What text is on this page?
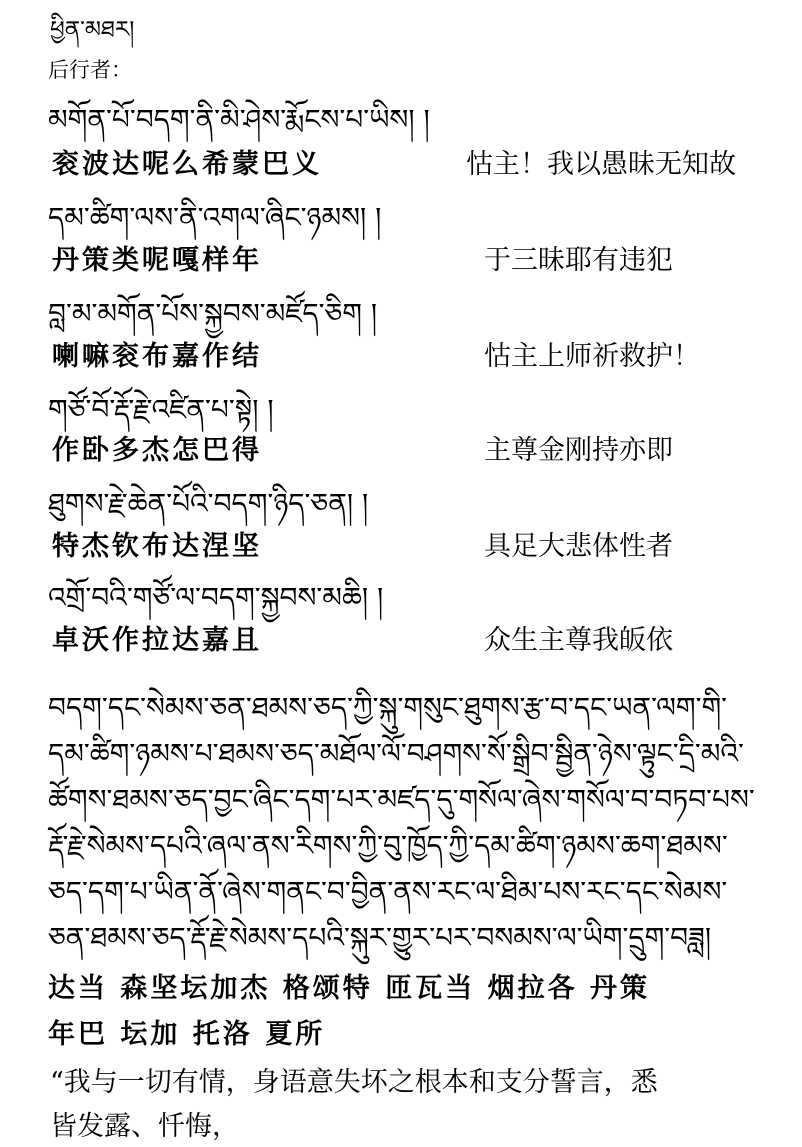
ཕྱིན་མཐར།
后行者：
མགོན་པོ་བདག་ནི་མི་ཤེས་རྨོངས་པ་ཡིས། །
衮波达呢么希蒙巴义	怙主！我以愚昧无知故
དམ་ཚིག་ལས་ནི་འགལ་ཞིང་ཉམས། །
丹策类呢嘎样年	于三昧耶有违犯
བླ་མ་མགོན་པོས་སྐྱབས་མཛོད་ཅིག །
喇嘛衮布嘉作结	怙主上师祈救护！
གཙོ་བོ་རྡོ་རྗེ་འཛིན་པ་སྟེ། །
作卧多杰怎巴得	主尊金刚持亦即
ཐུགས་རྗེ་ཆེན་པོའི་བདག་ཉིད་ཅན། །
特杰钦布达涅坚	具足大悲体性者
འགྲོ་བའི་གཙོ་ལ་བདག་སྐྱབས་མཆི། །
卓沃作拉达嘉且	众生主尊我皈依
བདག་དང་སེམས་ཅན་ཐམས་ཅད་ཀྱི་སྐུ་གསུང་ཐུགས་རྩ་བ་དང་ཡན་ལག་གི་
དམ་ཚིག་ཉམས་པ་ཐམས་ཅད་མཐོལ་ལོ་བཤགས་སོ་སྒྲིབ་སྦྱིན་ཉེས་ལྟུང་དྲི་མའི་
ཚོགས་ཐམས་ཅད་བྱང་ཞིང་དག་པར་མཛད་དུ་གསོལ་ཞེས་གསོལ་བ་བཏབ་པས་
རྡོ་རྗེ་སེམས་དཔའི་ཞལ་ནས་རིགས་ཀྱི་བུ་ཁྱོད་ཀྱི་དམ་ཚིག་ཉམས་ཆག་ཐམས་
ཅད་དག་པ་ཡིན་ནོ་ཞེས་གནང་བ་བྱིན་ནས་རང་ལ་ཐིམ་པས་རང་དང་སེམས་
ཅན་ཐམས་ཅད་རྡོ་རྗེ་སེམས་དཔའི་སྐུར་གྱུར་པར་བསམས་ལ་ཡིག་དྲུག་བཟླ།
达当 森坚坛加杰 格颂特 匝瓦当 烟拉各 丹策
年巴 坛加 托洛 夏所
“我与一切有情，身语意失坏之根本和支分誓言，悉
皆发露、忏悔，
